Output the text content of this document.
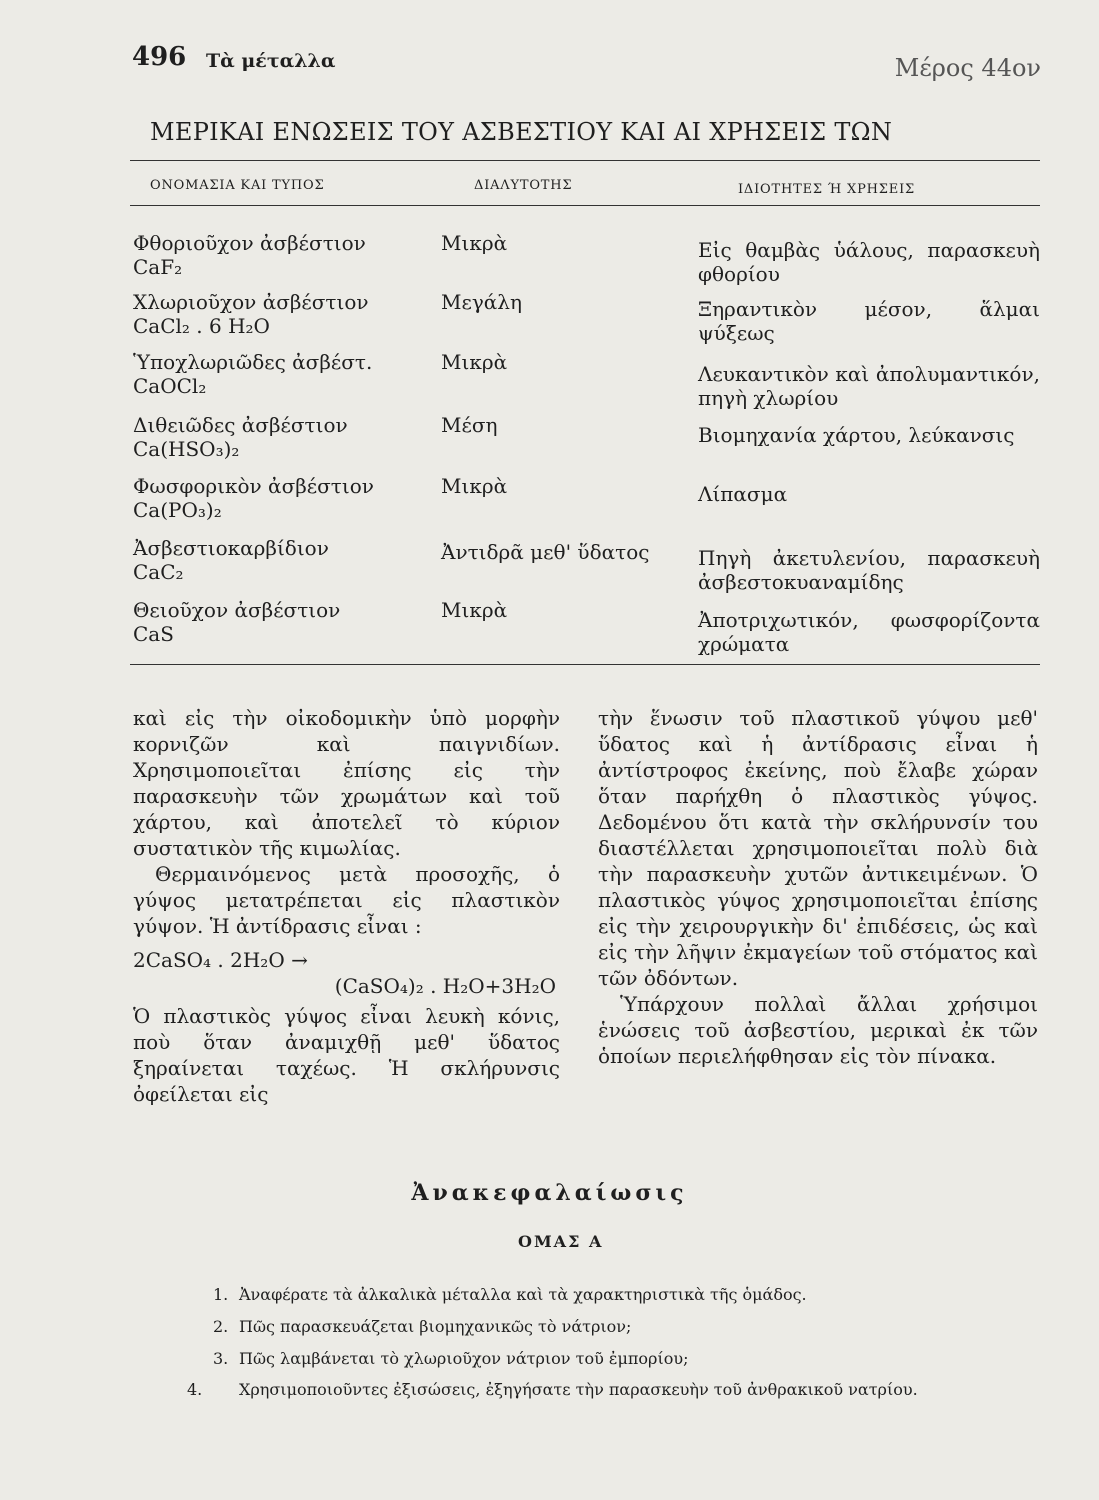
496 Τὰ μέταλλα	Μέρος 44ον
ΜΕΡΙΚΑΙ ΕΝΩΣΕΙΣ ΤΟΥ ΑΣΒΕΣΤΙΟΥ ΚΑΙ ΑΙ ΧΡΗΣΕΙΣ ΤΩΝ
ΟΝΟΜΑΣΙΑ ΚΑΙ ΤΥΠΟΣ	ΔΙΑΛΥΤΟΤΗΣ	ΙΔΙΟΤΗΤΕΣ Ή ΧΡΗΣΕΙΣ
Φθοριοῦχον ἀσβέστιον
CaF₂
Μικρὰ	Εἰς θαμβὰς ὑάλους, παρασκευὴ φθορίου
Χλωριοῦχον ἀσβέστιον
CaCl₂ . 6 H₂O
Μεγάλη	Ξηραντικὸν μέσον, ἅλμαι ψύξεως
Ὑποχλωριῶδες ἀσβέστ.
CaOCl₂
Μικρὰ	Λευκαντικὸν καὶ ἀπολυμαντικόν, πηγὴ χλωρίου
Διθειῶδες ἀσβέστιον
Ca(HSO₃)₂
Μέση	Βιομηχανία χάρτου, λεύκανσις
Φωσφορικὸν ἀσβέστιον
Ca(PO₃)₂
Μικρὰ	Λίπασμα
Ἀσβεστιοκαρβίδιον
CaC₂
Ἀντιδρᾶ μεθ' ὕδατος	Πηγὴ ἀκετυλενίου, παρασκευὴ ἀσβεστοκυαναμίδης
Θειοῦχον ἀσβέστιον
CaS
Μικρὰ	Ἀποτριχωτικόν, φωσφορίζοντα χρώματα

καὶ εἰς τὴν οἰκοδομικὴν ὑπὸ μορφὴν κορνιζῶν καὶ παιγνιδίων. Χρησιμοποιεῖται ἐπίσης εἰς τὴν παρασκευὴν τῶν χρωμάτων καὶ τοῦ χάρτου, καὶ ἀποτελεῖ τὸ κύριον συστατικὸν τῆς κιμωλίας.

Θερμαινόμενος μετὰ προσοχῆς, ὁ γύψος μετατρέπεται εἰς πλαστικὸν γύψον. Ἡ ἀντίδρασις εἶναι :

2CaSO₄ . 2H₂O →
(CaSO₄)₂ . H₂O+3H₂O

Ὁ πλαστικὸς γύψος εἶναι λευκὴ κόνις, ποὺ ὅταν ἀναμιχθῇ μεθ' ὕδατος ξηραίνεται ταχέως. Ἡ σκλήρυνσις ὀφείλεται εἰς

τὴν ἕνωσιν τοῦ πλαστικοῦ γύψου μεθ' ὕδατος καὶ ἡ ἀντίδρασις εἶναι ἡ ἀντίστροφος ἐκείνης, ποὺ ἔλαβε χώραν ὅταν παρήχθη ὁ πλαστικὸς γύψος. Δεδομένου ὅτι κατὰ τὴν σκλήρυνσίν του διαστέλλεται χρησιμοποιεῖται πολὺ διὰ τὴν παρασκευὴν χυτῶν ἀντικειμένων. Ὁ πλαστικὸς γύψος χρησιμοποιεῖται ἐπίσης εἰς τὴν χειρουργικὴν δι' ἐπιδέσεις, ὡς καὶ εἰς τὴν λῆψιν ἐκμαγείων τοῦ στόματος καὶ τῶν ὀδόντων.

Ὑπάρχουν πολλαὶ ἄλλαι χρήσιμοι ἑνώσεις τοῦ ἀσβεστίου, μερικαὶ ἐκ τῶν ὁποίων περιελήφθησαν εἰς τὸν πίνακα.

Ἀνακεφαλαίωσις
ΟΜΑΣ Α
1. Ἀναφέρατε τὰ ἀλκαλικὰ μέταλλα καὶ τὰ χαρακτηριστικὰ τῆς ὁμάδος.
2. Πῶς παρασκευάζεται βιομηχανικῶς τὸ νάτριον;
3. Πῶς λαμβάνεται τὸ χλωριοῦχον νάτριον τοῦ ἐμπορίου;
4. Χρησιμοποιοῦντες ἐξισώσεις, ἐξηγήσατε τὴν παρασκευὴν τοῦ ἀνθρακικοῦ νατρίου.
